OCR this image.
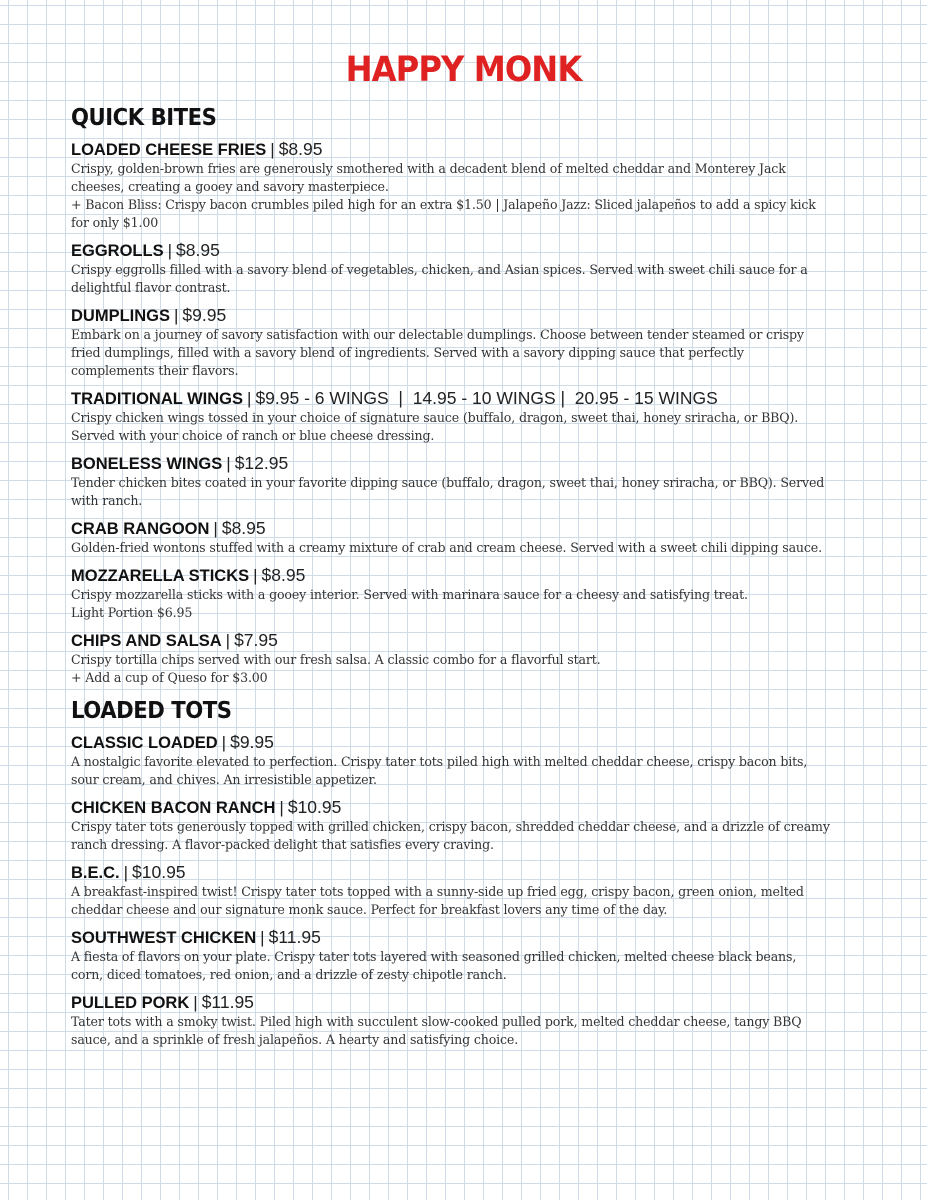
HAPPY MONK
QUICK BITES
LOADED CHEESE FRIES | $8.95

Crispy, golden-brown fries are generously smothered with a decadent blend of melted cheddar and Monterey Jack cheeses, creating a gooey and savory masterpiece.

+ Bacon Bliss: Crispy bacon crumbles piled high for an extra $1.50 | Jalapeño Jazz: Sliced jalapeños to add a spicy kick for only $1.00

EGGROLLS | $8.95

Crispy eggrolls filled with a savory blend of vegetables, chicken, and Asian spices. Served with sweet chili sauce for a delightful flavor contrast.

DUMPLINGS | $9.95

Embark on a journey of savory satisfaction with our delectable dumplings. Choose between tender steamed or crispy fried dumplings, filled with a savory blend of ingredients. Served with a savory dipping sauce that perfectly complements their flavors.

TRADITIONAL WINGS | $9.95 - 6 WINGS  |  14.95 - 10 WINGS |  20.95 - 15 WINGS

Crispy chicken wings tossed in your choice of signature sauce (buffalo, dragon, sweet thai, honey sriracha, or BBQ). Served with your choice of ranch or blue cheese dressing.

BONELESS WINGS | $12.95

Tender chicken bites coated in your favorite dipping sauce (buffalo, dragon, sweet thai, honey sriracha, or BBQ). Served with ranch.

CRAB RANGOON | $8.95

Golden-fried wontons stuffed with a creamy mixture of crab and cream cheese. Served with a sweet chili dipping sauce.

MOZZARELLA STICKS | $8.95

Crispy mozzarella sticks with a gooey interior. Served with marinara sauce for a cheesy and satisfying treat.

Light Portion $6.95

CHIPS AND SALSA | $7.95

Crispy tortilla chips served with our fresh salsa. A classic combo for a flavorful start.

+ Add a cup of Queso for $3.00

LOADED TOTS
CLASSIC LOADED | $9.95

A nostalgic favorite elevated to perfection. Crispy tater tots piled high with melted cheddar cheese, crispy bacon bits, sour cream, and chives. An irresistible appetizer.

CHICKEN BACON RANCH | $10.95

Crispy tater tots generously topped with grilled chicken, crispy bacon, shredded cheddar cheese, and a drizzle of creamy ranch dressing. A flavor-packed delight that satisfies every craving.

B.E.C. | $10.95

A breakfast-inspired twist! Crispy tater tots topped with a sunny-side up fried egg, crispy bacon, green onion, melted cheddar cheese and our signature monk sauce. Perfect for breakfast lovers any time of the day.

SOUTHWEST CHICKEN | $11.95

A fiesta of flavors on your plate. Crispy tater tots layered with seasoned grilled chicken, melted cheese black beans, corn, diced tomatoes, red onion, and a drizzle of zesty chipotle ranch.

PULLED PORK | $11.95

Tater tots with a smoky twist. Piled high with succulent slow-cooked pulled pork, melted cheddar cheese, tangy BBQ sauce, and a sprinkle of fresh jalapeños. A hearty and satisfying choice.
